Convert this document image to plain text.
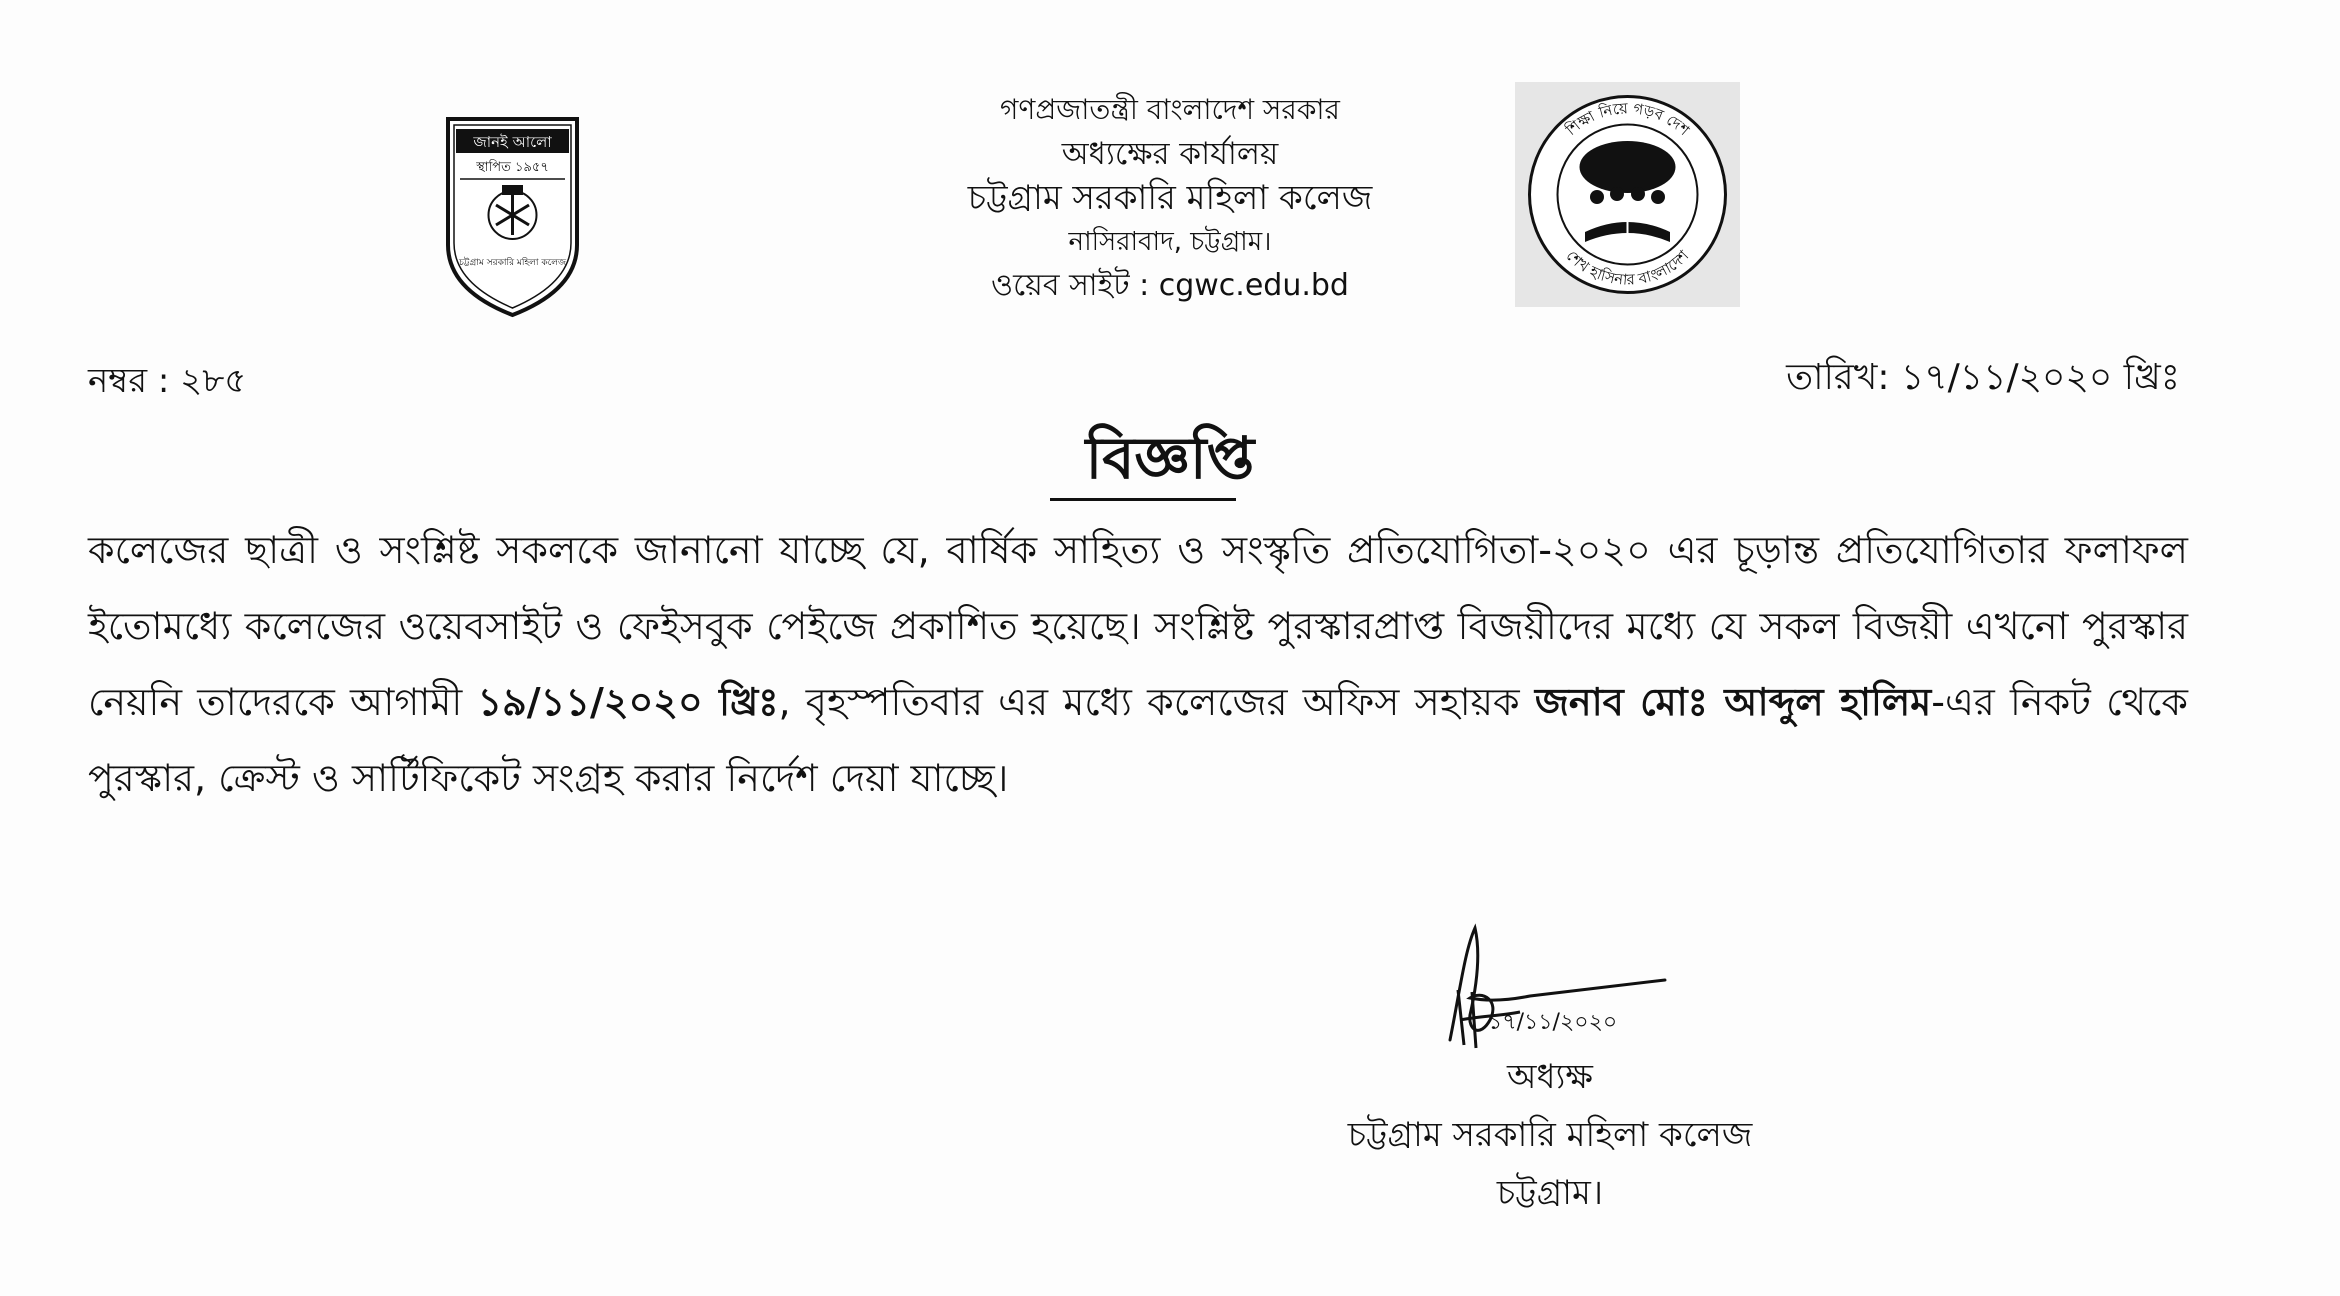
জানই আলো
স্থাপিত ১৯৫৭
চট্টগ্রাম সরকারি মহিলা কলেজ
গণপ্রজাতন্ত্রী বাংলাদেশ সরকার
অধ্যক্ষের কার্যালয়
চট্টগ্রাম সরকারি মহিলা কলেজ
নাসিরাবাদ, চট্টগ্রাম।
ওয়েব সাইট : cgwc.edu.bd
শিক্ষা নিয়ে গড়ব দেশ
শেখ হাসিনার বাংলাদেশ
নম্বর : ২৮৫	তারিখ: ১৭/১১/২০২০ খ্রিঃ
বিজ্ঞপ্তি
কলেজের ছাত্রী ও সংশ্লিষ্ট সকলকে জানানো যাচ্ছে যে, বার্ষিক সাহিত্য ও সংস্কৃতি প্রতিযোগিতা-২০২০ এর চূড়ান্ত প্রতিযোগিতার ফলাফল ইতোমধ্যে কলেজের ওয়েবসাইট ও ফেইসবুক পেইজে প্রকাশিত হয়েছে। সংশ্লিষ্ট পুরস্কারপ্রাপ্ত বিজয়ীদের মধ্যে যে সকল বিজয়ী এখনো পুরস্কার নেয়নি তাদেরকে আগামী ১৯/১১/২০২০ খ্রিঃ, বৃহস্পতিবার এর মধ্যে কলেজের অফিস সহায়ক জনাব মোঃ আব্দুল হালিম-এর নিকট থেকে পুরস্কার, ক্রেস্ট ও সার্টিফিকেট সংগ্রহ করার নির্দেশ দেয়া যাচ্ছে।
১৭/১১/২০২০
অধ্যক্ষ
চট্টগ্রাম সরকারি মহিলা কলেজ
চট্টগ্রাম।
